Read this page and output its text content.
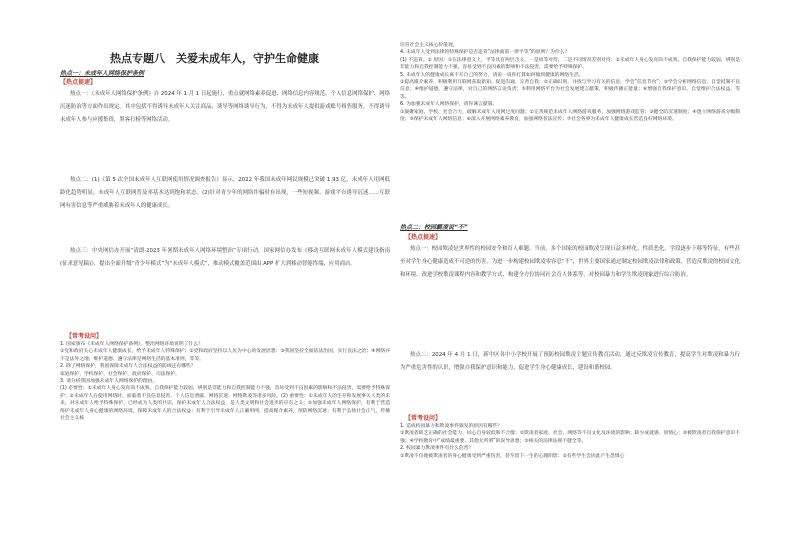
热点专题八　关爱未成年人，守护生命健康
热点一：未成年人网络保护条例
【热点提速】
热点一：《未成年人网络保护条例》自 2024 年 1 月 1 日起施行，重点就网络素养促进、网络信息内容规范、个人信息网络保护、网络沉迷防治等方面作出规定。其中包括不得诱导未成年人关注商品、诱导等网络诱导行为，不得为未成年人提供游戏账号租售服务，不得诱导未成年人参与应援集资，黑客打榜等网络活动。
热点二：(1)《第 5 次全国未成年人互联网使用情况调查报告》显示，2022 年我国未成年网民规模已突破 1.93 亿，未成年人用网低龄化趋势明显，未成年人互联网普及率基本达到饱和状态。(2)针对青少年的网络诈骗时有出现，一些短视频、游戏平台诱导沉迷……互联网有害信息等严重威胁着未成年人的健康成长。
热点三：中央网信办开展“清朗·2023 年暑期未成年人网络环境整治”专项行动。国家网信办发布《移动互联网未成年人模式建设指南(征求意见稿)》，提出全面升级“青少年模式”为“未成年人模式”，推动模式覆盖范围由 APP 扩大到移动智能终端、应用商店。
【常考设问】

1. 国家颁布《未成年人网络保护条例》，整治网络环境说明了什么？

①党和政府关心未成年人健康成长，给予未成年人特殊保护；②党和政府坚持以人民为中心的发展思想；③我国坚持全面依法治国，实行良法之治；④网络并不是法外之地；维护道德、遵守法律是网络生活的基本准则，等等。

2. 除了网络保护，我国保障未成年人合法权益的防线还有哪些？

家庭保护、学校保护、社会保护、政府保护、司法保护。

3. 请分析我国加强未成年人网络保护的理由。

(1) 必要性：①未成年人身心发育尚不成熟，自我保护能力较弱，辨别是非能力和自我控制能力不强，容易受到不良因素的影响和不法侵害，需要给予特殊保护；②未成年人在使用网络时，面临着不良信息侵害、个人信息泄露、网络沉迷、网络欺凌等诸多风险。(2) 重要性：①未成年人的生存和发展事关人类的未来，对未成年人给予特殊保护，已经成为人类的共识，保护未成年人合法权益，是人类文明和社会进步的应有之义；②加强未成年人网络保护，有利于营造保护未成年人身心健康的网络环境，保障未成年人的合法权益；有利于引导未成年人正确用网，提高媒介素养，预防网络沉迷；有利于弘扬社会正气，传播社会主义核

培育社会主义核心价值观。

4. 未成年人受到法律的特殊保护是否违背“法律面前一律平等”的原则？为什么？

(1) 不违背。② 原因：①在法律意义上，平等具有两层含义，一是同等对待，二是不同情况差别对待；②未成年人身心发育尚不成熟，自我保护能力较弱，辨别是非能力和自我控制能力不强，容易受到不良因素的影响和不法侵害，需要给予特殊保护。

5. 未成年人的健康成长离不开自己的努力，请说一说你打算如何做到健康的网络生活。

①提高媒介素养，积极利用互联网获取新知、促进沟通、完善自我；②正确识别、寻找与学习有关的信息，学会“信息节食”；③学会分析网络信息，自觉抵制不良信息；④维护道德、遵守法律，对自己的网络言论负责；⑤利用网络平台为社会发展建言献策，积极传播正能量；⑥增强自我保护意识，自觉维护合法权益，等等。

6. 为加强未成年人网络保护，请你谏言献策。

①凝聚家庭、学校、社会合力，破解未成年人用网过度问题；②完善规范未成年人网络游戏服务，加强网络游戏监管；③健全防沉迷制度；④建立网络游戏分级制度；⑤保护未成年人网络信息；⑥深入开展网络素养教育，加强网络普法宣传；⑦社会各界为未成年人健康成长营造良好网络环境。

热点二：校园霸凌说“不”
【热点提速】
热点一：校园欺凌是世界性的校园安全和育人难题。当前，多个国家的校园欺凌呈现日益多样化、性质恶化、学段逐步下移等特征，有些甚至对学生身心健康造成不可逆的伤害。为进一步构建校园欺凌零容忍“不”，世界主要国家通过制定校园欺凌法律和政策、营造反欺凌的校园文化和环境、改进学校欺凌课程内容和教学方式、构建全方位协同社会育人体系等，对校园暴力和学生欺凌现象进行综合防治。
热点二：2024 年 4 月 1 日，新中区各中小学校开展了预防校园欺凌主题宣传教育活动，通过反欺凌宣传教育，提高学生对欺凌和暴力行为严重危害性的认识，增强自我保护意识和能力，促进学生身心健康成长，建设和谐校园。
【常考设问】

1. 造成校园暴力和欺凌事件频发的原因有哪些？

①欺凌者缺乏正确的社会能力、同心自身较低和不合群；②欺凌者家庭、社会、网络等不良文化及环境的影响；缺少成就感、同情心；③被欺凌者自我保护意识不强；④学校教育中“成绩最重要、其他无所谓”的误导思想；⑤相关的法律法规不健全等。

2. 校园暴力欺凌事件有什么危害？

①欺凌不仅使被欺凌者的身心健康受到严重伤害，甚至留下一生的心理阴影；②有些学生会因此产生恐惧心
